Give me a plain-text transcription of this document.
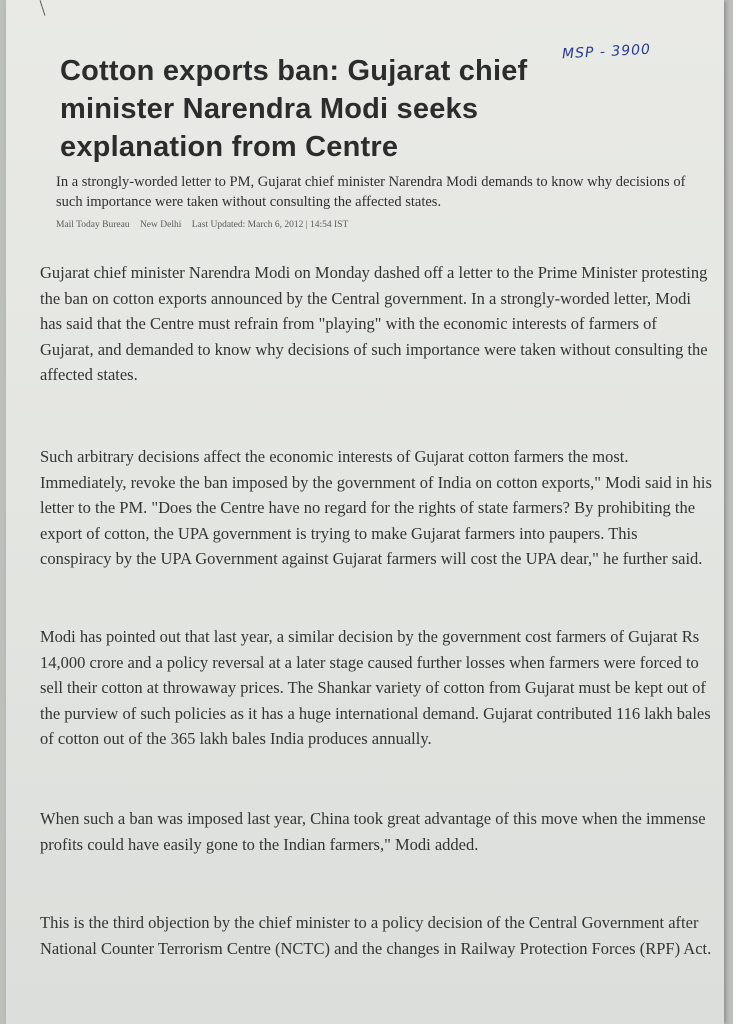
MSP - 3900
Cotton exports ban: Gujarat chief minister Narendra Modi seeks explanation from Centre

In a strongly-worded letter to PM, Gujarat chief minister Narendra Modi demands to know why decisions of such importance were taken without consulting the affected states.

Mail Today Bureau New Delhi Last Updated: March 6, 2012 | 14:54 IST

Gujarat chief minister Narendra Modi on Monday dashed off a letter to the Prime Minister protesting the ban on cotton exports announced by the Central government. In a strongly-worded letter, Modi has said that the Centre must refrain from "playing" with the economic interests of farmers of Gujarat, and demanded to know why decisions of such importance were taken without consulting the affected states.

Such arbitrary decisions affect the economic interests of Gujarat cotton farmers the most. Immediately, revoke the ban imposed by the government of India on cotton exports," Modi said in his letter to the PM. "Does the Centre have no regard for the rights of state farmers? By prohibiting the export of cotton, the UPA government is trying to make Gujarat farmers into paupers. This conspiracy by the UPA Government against Gujarat farmers will cost the UPA dear," he further said.

Modi has pointed out that last year, a similar decision by the government cost farmers of Gujarat Rs 14,000 crore and a policy reversal at a later stage caused further losses when farmers were forced to sell their cotton at throwaway prices. The Shankar variety of cotton from Gujarat must be kept out of the purview of such policies as it has a huge international demand. Gujarat contributed 116 lakh bales of cotton out of the 365 lakh bales India produces annually.

When such a ban was imposed last year, China took great advantage of this move when the immense profits could have easily gone to the Indian farmers," Modi added.

This is the third objection by the chief minister to a policy decision of the Central Government after National Counter Terrorism Centre (NCTC) and the changes in Railway Protection Forces (RPF) Act.
